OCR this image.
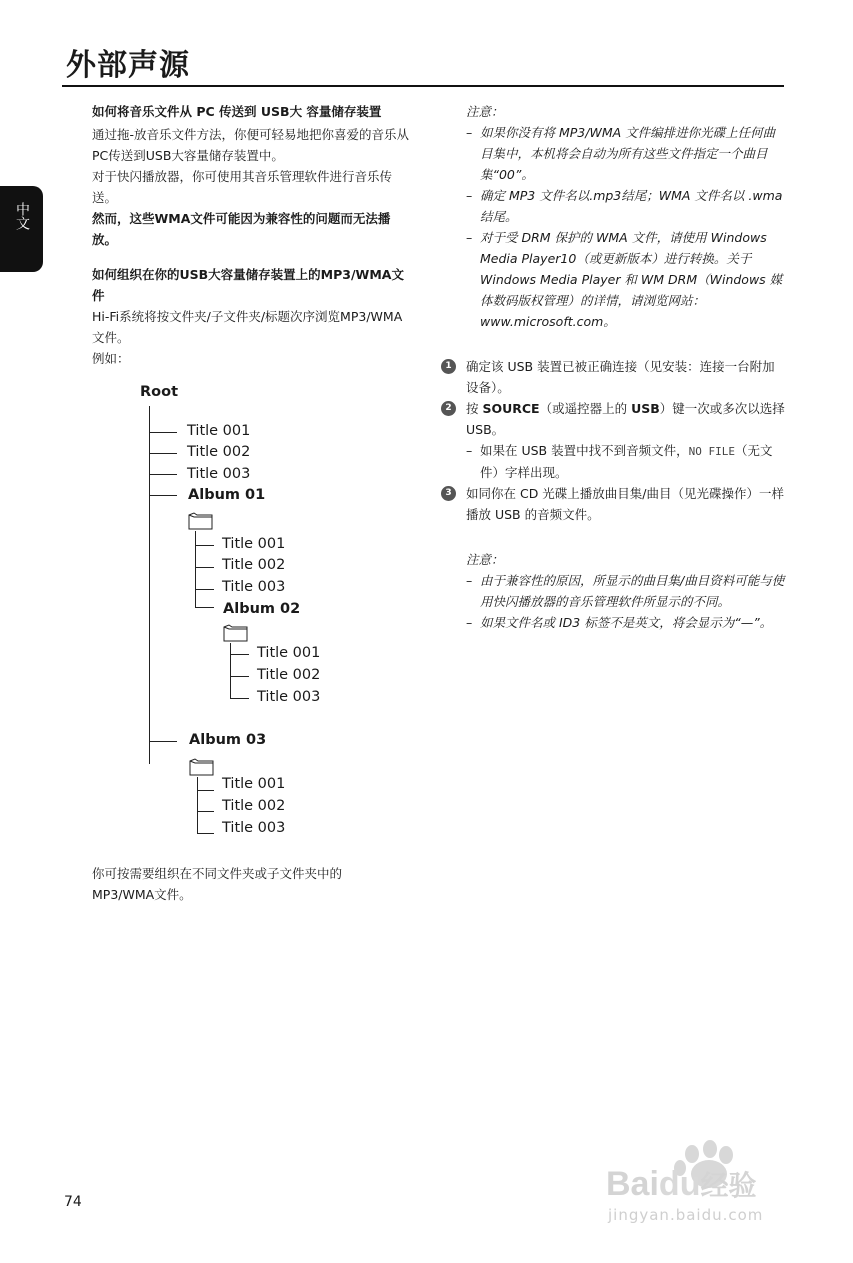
外部声源
中文
如何将音乐文件从 PC 传送到 USB大 容量储存装置
通过拖-放音乐文件方法，你便可轻易地把你喜爱的音乐从PC传送到USB大容量储存装置中。
对于快闪播放器，你可使用其音乐管理软件进行音乐传送。
然而，这些WMA文件可能因为兼容性的问题而无法播放。
如何组织在你的USB大容量储存装置上的MP3/WMA文件
Hi-Fi系统将按文件夹/子文件夹/标题次序浏览MP3/WMA文件。
例如：
Root
Title 001
Title 002
Title 003
Album 01
Title 001
Title 002
Title 003
Album 02
Title 001
Title 002
Title 003
Album 03
Title 001
Title 002
Title 003
你可按需要组织在不同文件夹或子文件夹中的MP3/WMA文件。
注意：
– 如果你没有将 MP3/WMA 文件编排进你光碟上任何曲目集中，本机将会自动为所有这些文件指定一个曲目集“00”。
– 确定 MP3 文件名以.mp3结尾；WMA 文件名以 .wma 结尾。
– 对于受 DRM 保护的 WMA 文件，请使用 Windows Media Player10（或更新版本）进行转换。关于 Windows Media Player 和 WM DRM（Windows 媒体数码版权管理）的详情，请浏览网站：www.microsoft.com。
1	确定该 USB 装置已被正确连接（见安装：连接一台附加设备）。
2	按 SOURCE（或遥控器上的 USB）键一次或多次以选择 USB。
– 如果在 USB 装置中找不到音频文件，NO FILE（无文件）字样出现。
3	如同你在 CD 光碟上播放曲目集/曲目（见光碟操作）一样播放 USB 的音频文件。
注意：
– 由于兼容性的原因，所显示的曲目集/曲目资料可能与使用快闪播放器的音乐管理软件所显示的不同。
– 如果文件名或 ID3 标签不是英文，将会显示为“—”。
74	Baidu经验
jingyan.baidu.com
